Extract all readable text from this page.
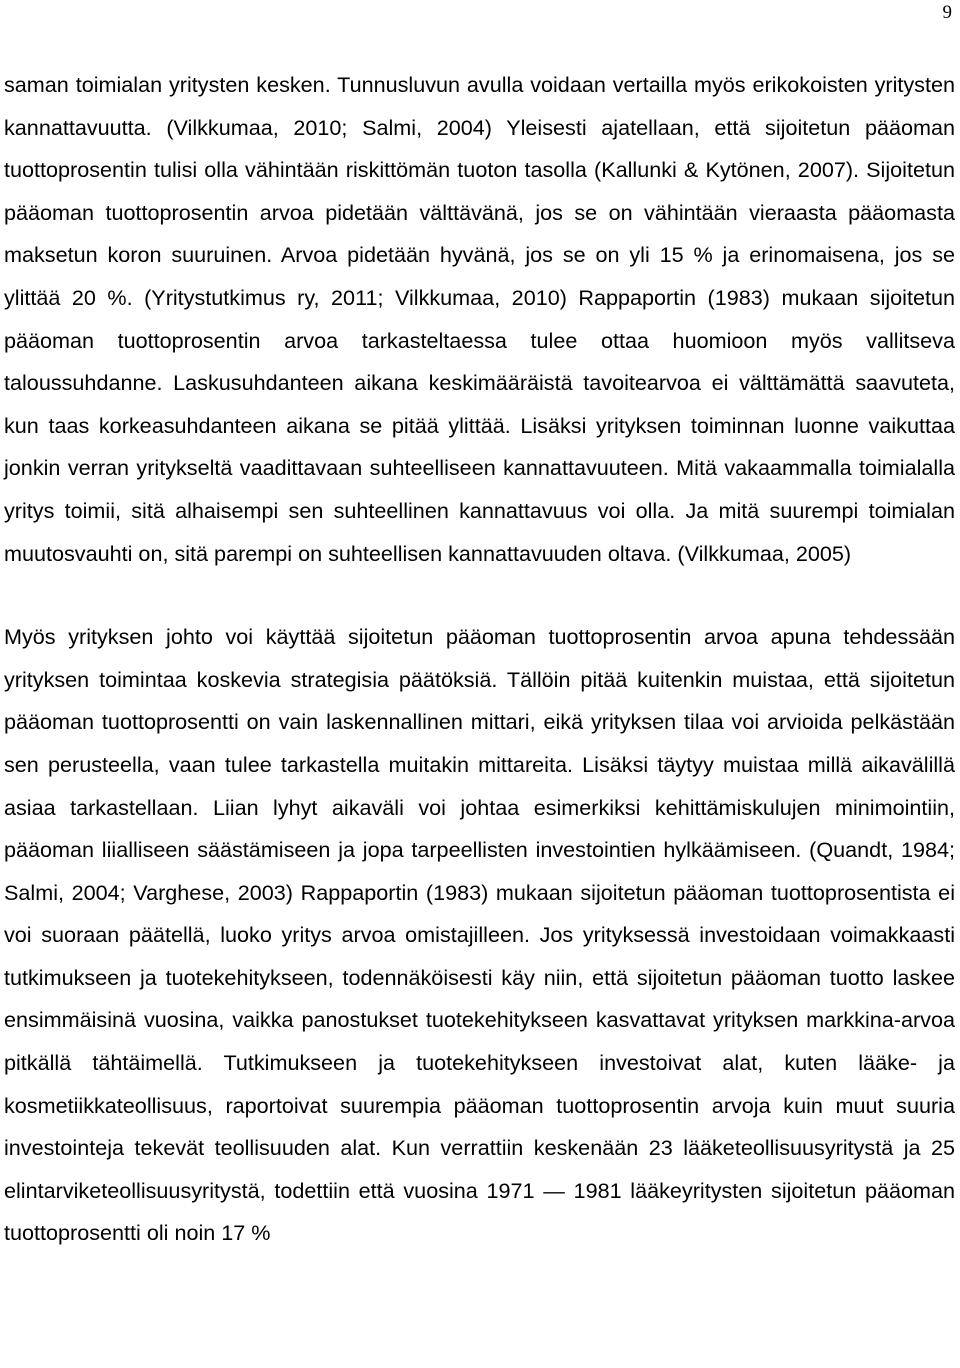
9

saman toimialan yritysten kesken. Tunnusluvun avulla voidaan vertailla myös erikokoisten yritysten kannattavuutta. (Vilkkumaa, 2010; Salmi, 2004) Yleisesti ajatellaan, että sijoitetun pääoman tuottoprosentin tulisi olla vähintään riskittömän tuoton tasolla (Kallunki & Kytönen, 2007). Sijoitetun pääoman tuottoprosentin arvoa pidetään välttävänä, jos se on vähintään vieraasta pääomasta maksetun koron suuruinen. Arvoa pidetään hyvänä, jos se on yli 15 % ja erinomaisena, jos se ylittää 20 %. (Yritystutkimus ry, 2011; Vilkkumaa, 2010) Rappaportin (1983) mukaan sijoitetun pääoman tuottoprosentin arvoa tarkasteltaessa tulee ottaa huomioon myös vallitseva taloussuhdanne. Laskusuhdanteen aikana keskimääräistä tavoitearvoa ei välttämättä saavuteta, kun taas korkeasuhdanteen aikana se pitää ylittää. Lisäksi yrityksen toiminnan luonne vaikuttaa jonkin verran yritykseltä vaadittavaan suhteelliseen kannattavuuteen. Mitä vakaammalla toimialalla yritys toimii, sitä alhaisempi sen suhteellinen kannattavuus voi olla. Ja mitä suurempi toimialan muutosvauhti on, sitä parempi on suhteellisen kannattavuuden oltava. (Vilkkumaa, 2005)

Myös yrityksen johto voi käyttää sijoitetun pääoman tuottoprosentin arvoa apuna tehdessään yrityksen toimintaa koskevia strategisia päätöksiä. Tällöin pitää kuitenkin muistaa, että sijoitetun pääoman tuottoprosentti on vain laskennallinen mittari, eikä yrityksen tilaa voi arvioida pelkästään sen perusteella, vaan tulee tarkastella muitakin mittareita. Lisäksi täytyy muistaa millä aikavälillä asiaa tarkastellaan. Liian lyhyt aikaväli voi johtaa esimerkiksi kehittämiskulujen minimointiin, pääoman liialliseen säästämiseen ja jopa tarpeellisten investointien hylkäämiseen. (Quandt, 1984; Salmi, 2004; Varghese, 2003) Rappaportin (1983) mukaan sijoitetun pääoman tuottoprosentista ei voi suoraan päätellä, luoko yritys arvoa omistajilleen. Jos yrityksessä investoidaan voimakkaasti tutkimukseen ja tuotekehitykseen, todennäköisesti käy niin, että sijoitetun pääoman tuotto laskee ensimmäisinä vuosina, vaikka panostukset tuotekehitykseen kasvattavat yrityksen markkina-arvoa pitkällä tähtäimellä. Tutkimukseen ja tuotekehitykseen investoivat alat, kuten lääke- ja kosmetiikkateollisuus, raportoivat suurempia pääoman tuottoprosentin arvoja kuin muut suuria investointeja tekevät teollisuuden alat. Kun verrattiin keskenään 23 lääketeollisuusyritystä ja 25 elintarviketeollisuusyritystä, todettiin että vuosina 1971 — 1981 lääkeyritysten sijoitetun pääoman tuottoprosentti oli noin 17 %
